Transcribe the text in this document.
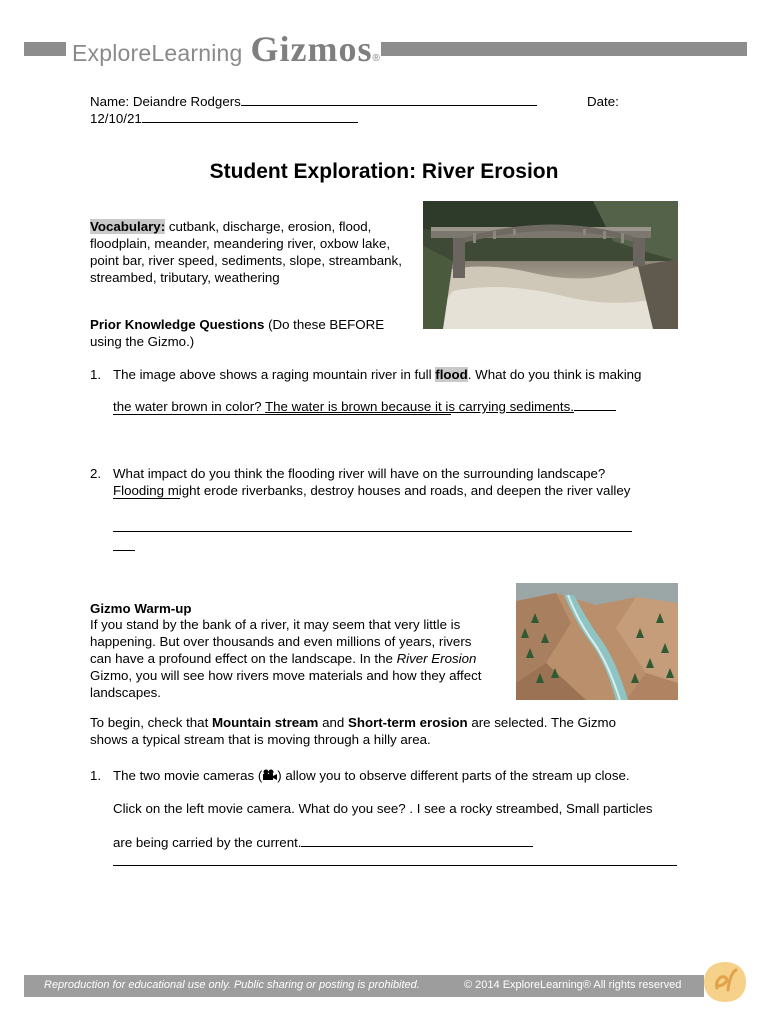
ExploreLearning Gizmos ®
Name: Deiandre Rodgers	Date:
12/10/21
Student Exploration: River Erosion
Vocabulary: cutbank, discharge, erosion, flood, floodplain, meander, meandering river, oxbow lake, point bar, river speed, sediments, slope, streambank, streambed, tributary, weathering
Prior Knowledge Questions (Do these BEFORE using the Gizmo.)
1. The image above shows a raging mountain river in full flood. What do you think is making
the water brown in color? The water is brown because it is carrying sediments.
2. What impact do you think the flooding river will have on the surrounding landscape?
Flooding might erode riverbanks, destroy houses and roads, and deepen the river valley
Gizmo Warm-up
If you stand by the bank of a river, it may seem that very little is happening. But over thousands and even millions of years, rivers can have a profound effect on the landscape. In the River Erosion Gizmo, you will see how rivers move materials and how they affect landscapes.
To begin, check that Mountain stream and Short-term erosion are selected. The Gizmo shows a typical stream that is moving through a hilly area.
1. The two movie cameras ( ) allow you to observe different parts of the stream up close.
Click on the left movie camera. What do you see? . I see a rocky streambed, Small particles
are being carried by the current.
Reproduction for educational use only. Public sharing or posting is prohibited.	© 2014 ExploreLearning® All rights reserved
